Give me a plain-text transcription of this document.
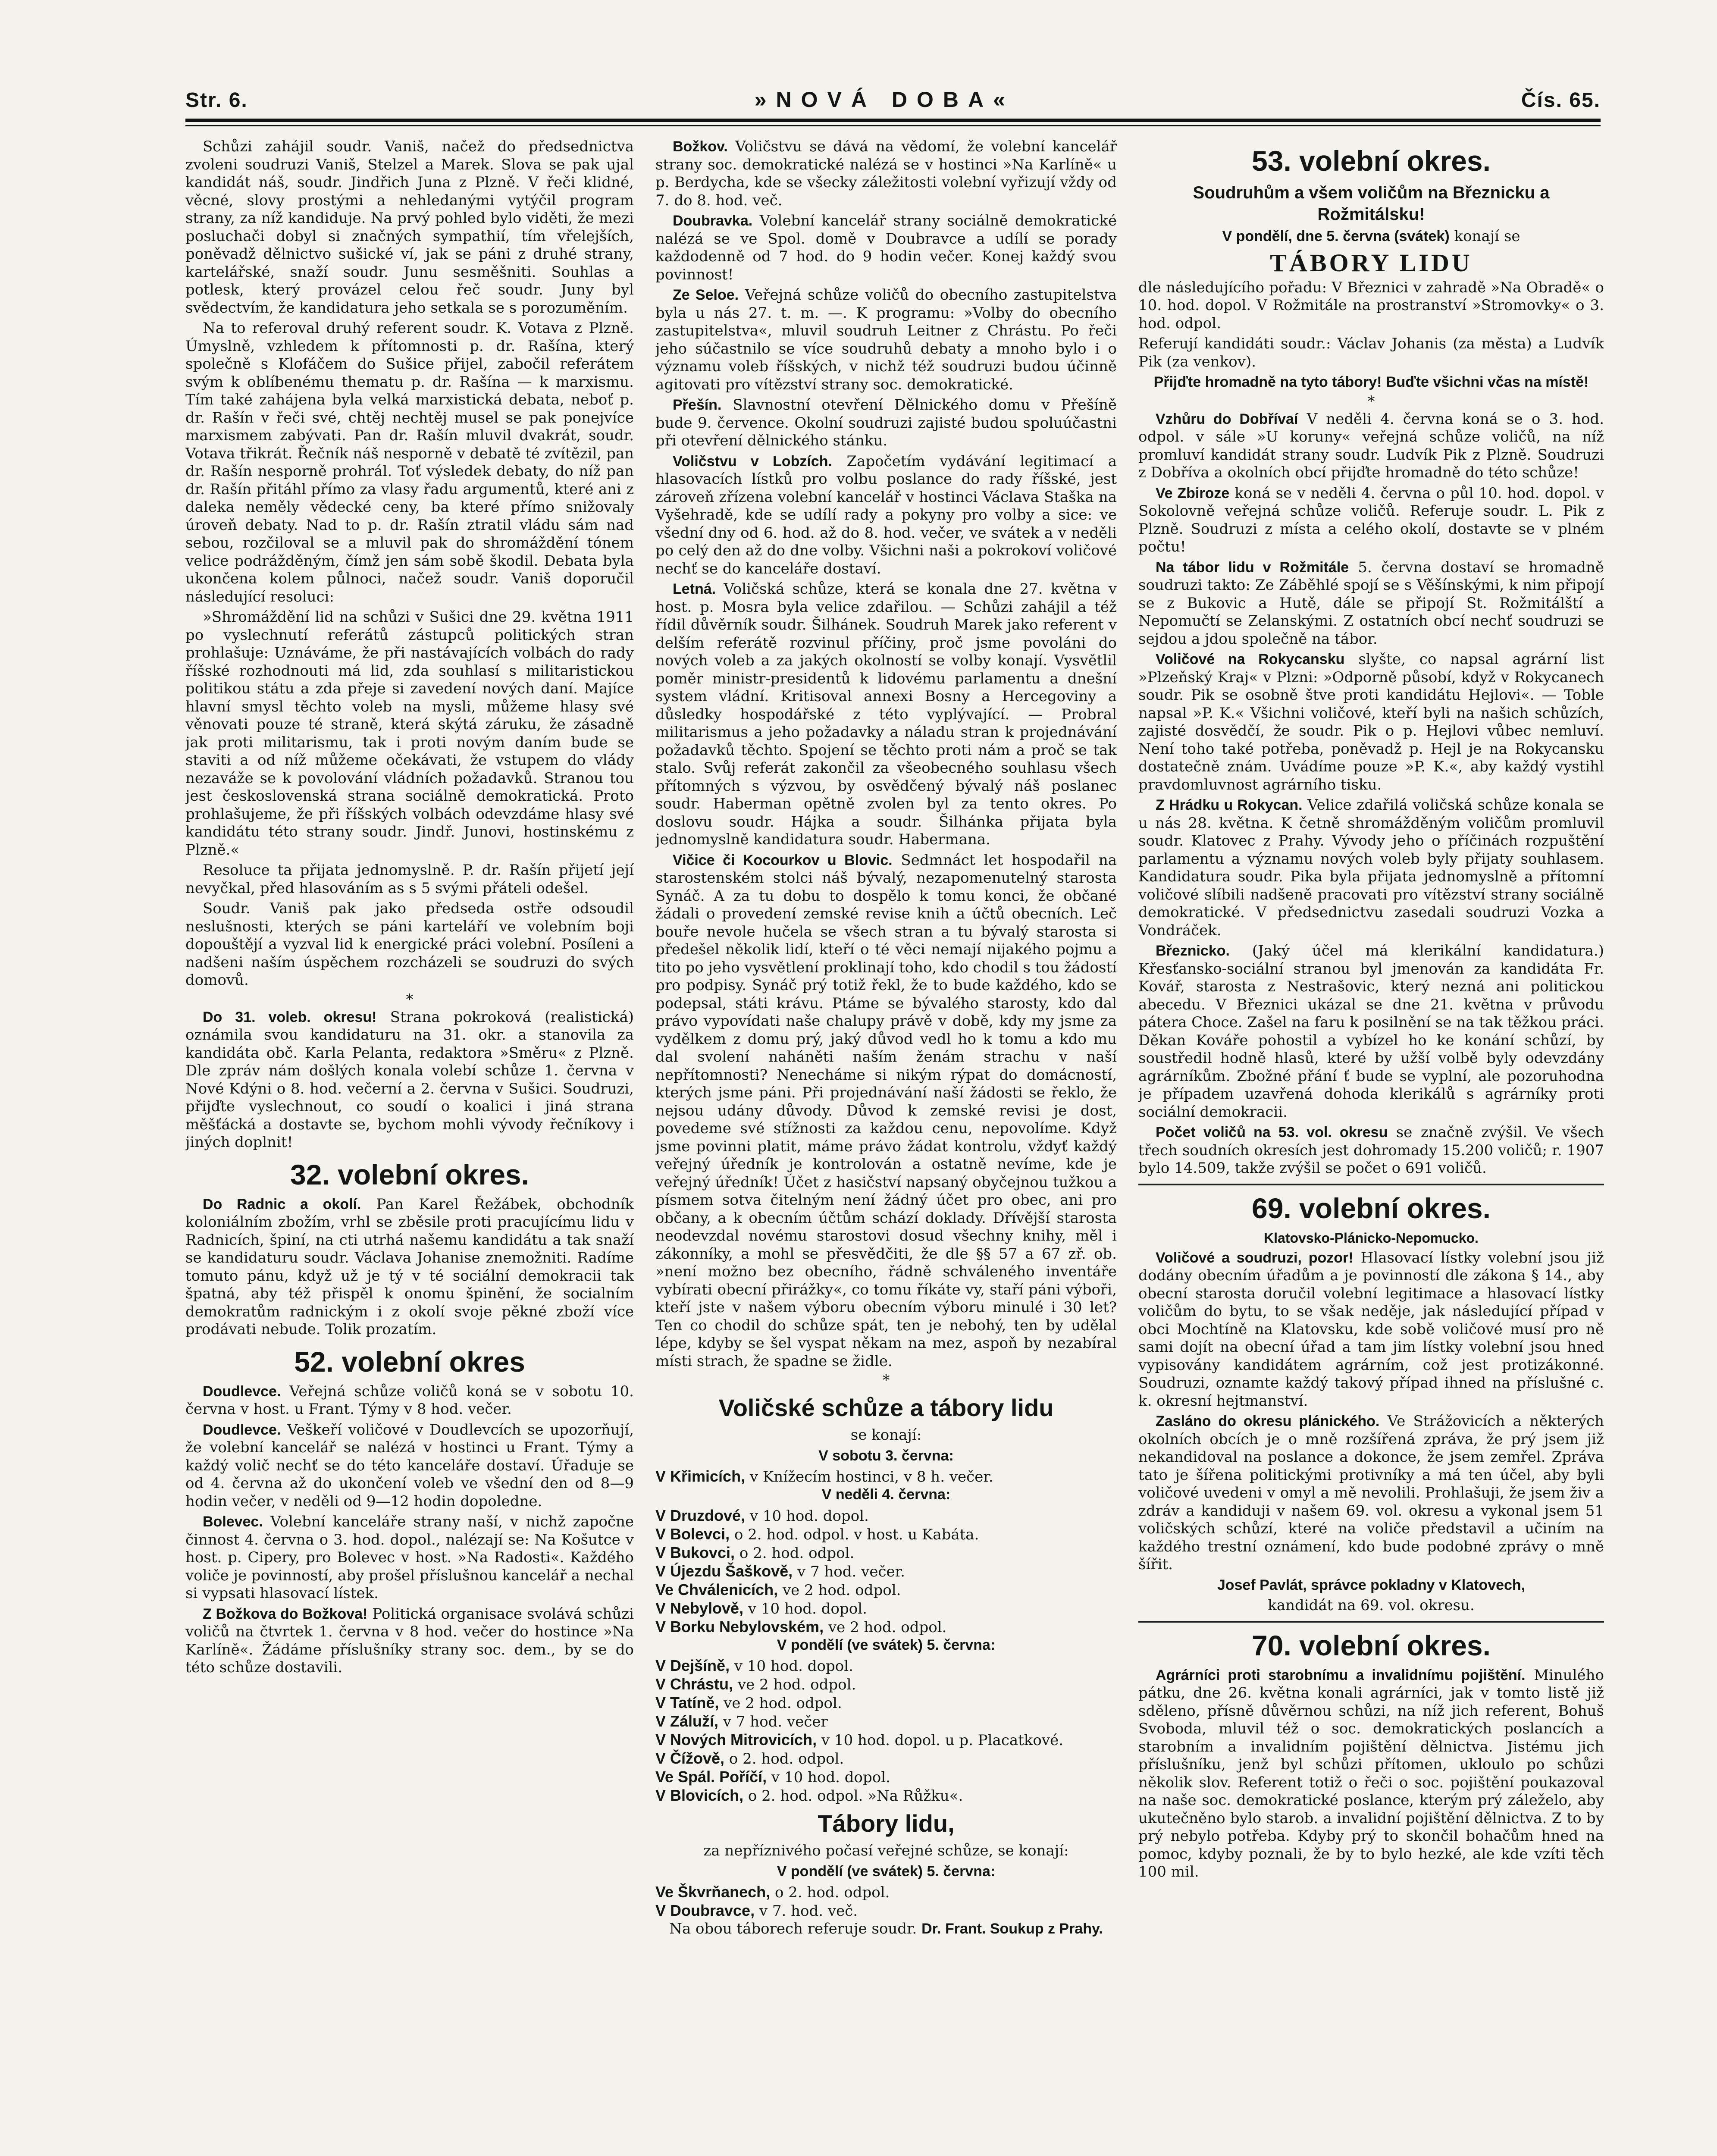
Str. 6.	»NOVÁ DOBA«	Čís. 65.

Schůzi zahájil soudr. Vaniš, načež do předsednictva zvoleni soudruzi Vaniš, Stelzel a Marek. Slova se pak ujal kandidát náš, soudr. Jindřich Juna z Plzně. V řeči klidné, věcné, slovy prostými a nehledanými vytýčil program strany, za níž kandiduje. Na prvý pohled bylo viděti, že mezi posluchači dobyl si značných sympathií, tím vřelejších, poněvadž dělnictvo sušické ví, jak se páni z druhé strany, kartelářské, snaží soudr. Junu sesměšniti. Souhlas a potlesk, který provázel celou řeč soudr. Juny byl svědectvím, že kandidatura jeho setkala se s porozuměním.

Na to referoval druhý referent soudr. K. Votava z Plzně. Úmyslně, vzhledem k přítomnosti p. dr. Rašína, který společně s Klofáčem do Sušice přijel, zabočil referátem svým k oblíbenému thematu p. dr. Rašína — k marxismu. Tím také zahájena byla velká marxistická debata, neboť p. dr. Rašín v řeči své, chtěj nechtěj musel se pak ponejvíce marxismem zabývati. Pan dr. Rašín mluvil dvakrát, soudr. Votava třikrát. Řečník náš nesporně v debatě té zvítězil, pan dr. Rašín nesporně prohrál. Toť výsledek debaty, do níž pan dr. Rašín přitáhl přímo za vlasy řadu argumentů, které ani z daleka neměly vědecké ceny, ba které přímo snižovaly úroveň debaty. Nad to p. dr. Rašín ztratil vládu sám nad sebou, rozčiloval se a mluvil pak do shromáždění tónem velice podrážděným, čímž jen sám sobě škodil. Debata byla ukončena kolem půlnoci, načež soudr. Vaniš doporučil následující resoluci:

»Shromáždění lid na schůzi v Sušici dne 29. května 1911 po vyslechnutí referátů zástupců politických stran prohlašuje: Uznáváme, že při nastávajících volbách do rady říšské rozhodnouti má lid, zda souhlasí s militaristickou politikou státu a zda přeje si zavedení nových daní. Majíce hlavní smysl těchto voleb na mysli, můžeme hlasy své věnovati pouze té straně, která skýtá záruku, že zásadně jak proti militarismu, tak i proti novým daním bude se staviti a od níž můžeme očekávati, že vstupem do vlády nezaváže se k povolování vládních požadavků. Stranou tou jest československá strana sociálně demokratická. Proto prohlašujeme, že při říšských volbách odevzdáme hlasy své kandidátu této strany soudr. Jindř. Junovi, hostinskému z Plzně.«

Resoluce ta přijata jednomyslně. P. dr. Rašín přijetí její nevyčkal, před hlasováním as s 5 svými přáteli odešel.

Soudr. Vaniš pak jako předseda ostře odsoudil neslušnosti, kterých se páni karteláří ve volebním boji dopouštějí a vyzval lid k energické práci volební. Posíleni a nadšeni naším úspěchem rozcházeli se soudruzi do svých domovů.

*

Do 31. voleb. okresu! Strana pokroková (realistická) oznámila svou kandidaturu na 31. okr. a stanovila za kandidáta obč. Karla Pelanta, redaktora »Směru« z Plzně. Dle zpráv nám došlých konala volebí schůze 1. června v Nové Kdýni o 8. hod. večerní a 2. června v Sušici. Soudruzi, přijďte vyslechnout, co soudí o koalici i jiná strana měšťácká a dostavte se, bychom mohli vývody řečníkovy i jiných doplnit!

32. volební okres.

Do Radnic a okolí. Pan Karel Řežábek, obchodník koloniálním zbožím, vrhl se zběsile proti pracujícímu lidu v Radnicích, špiní, na cti utrhá našemu kandidátu a tak snaží se kandidaturu soudr. Václava Johanise znemožniti. Radíme tomuto pánu, když už je tý v té sociální demokracii tak špatná, aby též přispěl k onomu špinění, že socialním demokratům radnickým i z okolí svoje pěkné zboží více prodávati nebude. Tolik prozatím.

52. volební okres

Doudlevce. Veřejná schůze voličů koná se v sobotu 10. června v host. u Frant. Týmy v 8 hod. večer.

Doudlevce. Veškeří voličové v Doudlevcích se upozorňují, že volební kancelář se nalézá v hostinci u Frant. Týmy a každý volič nechť se do této kanceláře dostaví. Úřaduje se od 4. června až do ukončení voleb ve všední den od 8—9 hodin večer, v neděli od 9—12 hodin dopoledne.

Bolevec. Volební kanceláře strany naší, v nichž započne činnost 4. června o 3. hod. dopol., nalézají se: Na Košutce v host. p. Cipery, pro Bolevec v host. »Na Radosti«. Každého voliče je povinností, aby prošel příslušnou kancelář a nechal si vypsati hlasovací lístek.

Z Božkova do Božkova! Politická organisace svolává schůzi voličů na čtvrtek 1. června v 8 hod. večer do hostince »Na Karlíně«. Žádáme příslušníky strany soc. dem., by se do této schůze dostavili.

Božkov. Voličstvu se dává na vědomí, že volební kancelář strany soc. demokratické nalézá se v hostinci »Na Karlíně« u p. Berdycha, kde se všecky záležitosti volební vyřizují vždy od 7. do 8. hod. več.

Doubravka. Volební kancelář strany sociálně demokratické nalézá se ve Spol. domě v Doubravce a udílí se porady každodenně od 7 hod. do 9 hodin večer. Konej každý svou povinnost!

Ze Seloe. Veřejná schůze voličů do obecního zastupitelstva byla u nás 27. t. m. —. K programu: »Volby do obecního zastupitelstva«, mluvil soudruh Leitner z Chrástu. Po řeči jeho súčastnilo se více soudruhů debaty a mnoho bylo i o významu voleb říšských, v nichž též soudruzi budou účinně agitovati pro vítězství strany soc. demokratické.

Přešín. Slavnostní otevření Dělnického domu v Přešíně bude 9. července. Okolní soudruzi zajisté budou spoluúčastni při otevření dělnického stánku.

Voličstvu v Lobzích. Započetím vydávání legitimací a hlasovacích lístků pro volbu poslance do rady říšské, jest zároveň zřízena volební kancelář v hostinci Václava Staška na Vyšehradě, kde se udílí rady a pokyny pro volby a sice: ve všední dny od 6. hod. až do 8. hod. večer, ve svátek a v neděli po celý den až do dne volby. Všichni naši a pokrokoví voličové nechť se do kanceláře dostaví.

Letná. Voličská schůze, která se konala dne 27. května v host. p. Mosra byla velice zdařilou. — Schůzi zahájil a též řídil důvěrník soudr. Šilhánek. Soudruh Marek jako referent v delším referátě rozvinul příčiny, proč jsme povoláni do nových voleb a za jakých okolností se volby konají. Vysvětlil poměr ministr-presidentů k lidovému parlamentu a dnešní system vládní. Kritisoval annexi Bosny a Hercegoviny a důsledky hospodářské z této vyplývající. — Probral militarismus a jeho požadavky a náladu stran k projednávání požadavků těchto. Spojení se těchto proti nám a proč se tak stalo. Svůj referát zakončil za všeobecného souhlasu všech přítomných s výzvou, by osvědčený bývalý náš poslanec soudr. Haberman opětně zvolen byl za tento okres. Po doslovu soudr. Hájka a soudr. Šilhánka přijata byla jednomyslně kandidatura soudr. Habermana.

Vičice či Kocourkov u Blovic. Sedmnáct let hospodařil na starostenském stolci náš bývalý, nezapomenutelný starosta Synáč. A za tu dobu to dospělo k tomu konci, že občané žádali o provedení zemské revise knih a účtů obecních. Leč bouře nevole hučela se všech stran a tu bývalý starosta si předešel několik lidí, kteří o té věci nemají nijakého pojmu a tito po jeho vysvětlení proklinají toho, kdo chodil s tou žádostí pro podpisy. Synáč prý totiž řekl, že to bude každého, kdo se podepsal, státi krávu. Ptáme se bývalého starosty, kdo dal právo vypovídati naše chalupy právě v době, kdy my jsme za vydělkem z domu prý, jaký důvod vedl ho k tomu a kdo mu dal svolení naháněti naším ženám strachu v naší nepřítomnosti? Nenecháme si nikým rýpat do domácností, kterých jsme páni. Při projednávání naší žádosti se řeklo, že nejsou udány důvody. Důvod k zemské revisi je dost, povedeme své stížnosti za každou cenu, nepovolíme. Když jsme povinni platit, máme právo žádat kontrolu, vždyť každý veřejný úředník je kontrolován a ostatně nevíme, kde je veřejný úředník! Účet z hasičství napsaný obyčejnou tužkou a písmem sotva čitelným není žádný účet pro obec, ani pro občany, a k obecním účtům schází doklady. Dřívější starosta neodevzdal novému starostovi dosud všechny knihy, měl i zákonníky, a mohl se přesvědčiti, že dle §§ 57 a 67 zř. ob. »není možno bez obecního, řádně schváleného inventáře vybírati obecní přirážky«, co tomu říkáte vy, staří páni výboři, kteří jste v našem výboru obecním výboru minulé i 30 let? Ten co chodil do schůze spát, ten je nebohý, ten by udělal lépe, kdyby se šel vyspat někam na mez, aspoň by nezabíral místi strach, že spadne se židle.

*
Voličské schůze a tábory lidu

se konají:

V sobotu 3. června:

V Křimicích, v Knížecím hostinci, v 8 h. večer.

V neděli 4. června:

V Druzdové, v 10 hod. dopol.

V Bolevci, o 2. hod. odpol. v host. u Kabáta.

V Bukovci, o 2. hod. odpol.

V Újezdu Šaškově, v 7 hod. večer.

Ve Chválenicích, ve 2 hod. odpol.

V Nebylově, v 10 hod. dopol.

V Borku Nebylovském, ve 2 hod. odpol.

V pondělí (ve svátek) 5. června:

V Dejšíně, v 10 hod. dopol.

V Chrástu, ve 2 hod. odpol.

V Tatíně, ve 2 hod. odpol.

V Záluží, v 7 hod. večer

V Nových Mitrovicích, v 10 hod. dopol. u p. Placatkové.

V Čížově, o 2. hod. odpol.

Ve Spál. Poříčí, v 10 hod. dopol.

V Blovicích, o 2. hod. odpol. »Na Růžku«.

Tábory lidu,

za nepříznivého počasí veřejné schůze, se konají:

V pondělí (ve svátek) 5. června:

Ve Škvrňanech, o 2. hod. odpol.

V Doubravce, v 7. hod. več.

Na obou táborech referuje soudr. Dr. Frant. Soukup z Prahy.

53. volební okres.
Soudruhům a všem voličům na Březnicku a Rožmitálsku!

V pondělí, dne 5. června (svátek) konají se

TÁBORY LIDU

dle následujícího pořadu: V Březnici v zahradě »Na Obradě« o 10. hod. dopol. V Rožmitále na prostranství »Stromovky« o 3. hod. odpol.

Referují kandidáti soudr.: Václav Johanis (za města) a Ludvík Pik (za venkov).

Přijďte hromadně na tyto tábory! Buďte všichni včas na místě!

*

Vzhůru do Dobřívaí V neděli 4. června koná se o 3. hod. odpol. v sále »U koruny« veřejná schůze voličů, na níž promluví kandidát strany soudr. Ludvík Pik z Plzně. Soudruzi z Dobříva a okolních obcí přijďte hromadně do této schůze!

Ve Zbiroze koná se v neděli 4. června o půl 10. hod. dopol. v Sokolovně veřejná schůze voličů. Referuje soudr. L. Pik z Plzně. Soudruzi z místa a celého okolí, dostavte se v plném počtu!

Na tábor lidu v Rožmitále 5. června dostaví se hromadně soudruzi takto: Ze Záběhlé spojí se s Věšínskými, k nim připojí se z Bukovic a Hutě, dále se připojí St. Rožmitálští a Nepomučtí se Zelanskými. Z ostatních obcí nechť soudruzi se sejdou a jdou společně na tábor.

Voličové na Rokycansku slyšte, co napsal agrární list »Plzeňský Kraj« v Plzni: »Odporně působí, když v Rokycanech soudr. Pik se osobně štve proti kandidátu Hejlovi«. — Toble napsal »P. K.« Všichni voličové, kteří byli na našich schůzích, zajisté dosvědčí, že soudr. Pik o p. Hejlovi vůbec nemluví. Není toho také potřeba, poněvadž p. Hejl je na Rokycansku dostatečně znám. Uvádíme pouze »P. K.«, aby každý vystihl pravdomluvnost agrárního tisku.

Z Hrádku u Rokycan. Velice zdařilá voličská schůze konala se u nás 28. května. K četně shromážděným voličům promluvil soudr. Klatovec z Prahy. Vývody jeho o příčinách rozpuštění parlamentu a významu nových voleb byly přijaty souhlasem. Kandidatura soudr. Pika byla přijata jednomyslně a přítomní voličové slíbili nadšeně pracovati pro vítězství strany sociálně demokratické. V předsednictvu zasedali soudruzi Vozka a Vondráček.

Březnicko. (Jaký účel má klerikální kandidatura.) Křesťansko-sociální stranou byl jmenován za kandidáta Fr. Kovář, starosta z Nestrašovic, který nezná ani politickou abecedu. V Březnici ukázal se dne 21. května v průvodu pátera Choce. Zašel na faru k posilnění se na tak těžkou práci. Děkan Kováře pohostil a vybízel ho ke konání schůzí, by soustředil hodně hlasů, které by užší volbě byly odevzdány agrárníkům. Zbožné přání ť bude se vyplní, ale pozoruhodna je případem uzavřená dohoda klerikálů s agrárníky proti sociální demokracii.

Počet voličů na 53. vol. okresu se značně zvýšil. Ve všech třech soudních okresích jest dohromady 15.200 voličů; r. 1907 bylo 14.509, takže zvýšil se počet o 691 voličů.

69. volební okres.
Klatovsko-Plánicko-Nepomucko.

Voličové a soudruzi, pozor! Hlasovací lístky volební jsou již dodány obecním úřadům a je povinností dle zákona § 14., aby obecní starosta doručil volební legitimace a hlasovací lístky voličům do bytu, to se však neděje, jak následující případ v obci Mochtíně na Klatovsku, kde sobě voličové musí pro ně sami dojít na obecní úřad a tam jim lístky volební jsou hned vypisovány kandidátem agrárním, což jest protizákonné. Soudruzi, oznamte každý takový případ ihned na příslušné c. k. okresní hejtmanství.

Zasláno do okresu plánického. Ve Strážovicích a některých okolních obcích je o mně rozšířená zpráva, že prý jsem již nekandidoval na poslance a dokonce, že jsem zemřel. Zpráva tato je šířena politickými protivníky a má ten účel, aby byli voličové uvedeni v omyl a mě nevolili. Prohlašuji, že jsem živ a zdráv a kandiduji v našem 69. vol. okresu a vykonal jsem 51 voličských schůzí, které na voliče představil a učiním na každého trestní oznámení, kdo bude podobné zprávy o mně šířit.

Josef Pavlát, správce pokladny v Klatovech,

kandidát na 69. vol. okresu.

70. volební okres.

Agrárníci proti starobnímu a invalidnímu pojištění. Minulého pátku, dne 26. května konali agrárníci, jak v tomto listě již sděleno, přísně důvěrnou schůzi, na níž jich referent, Bohuš Svoboda, mluvil též o soc. demokratických poslancích a starobním a invalidním pojištění dělnictva. Jistému jich příslušníku, jenž byl schůzi přítomen, ukloulo po schůzi několik slov. Referent totiž o řeči o soc. pojištění poukazoval na naše soc. demokratické poslance, kterým prý záleželo, aby ukutečněno bylo starob. a invalidní pojištění dělnictva. Z to by prý nebylo potřeba. Kdyby prý to skončil bohačům hned na pomoc, kdyby poznali, že by to bylo hezké, ale kde vzíti těch 100 mil.
